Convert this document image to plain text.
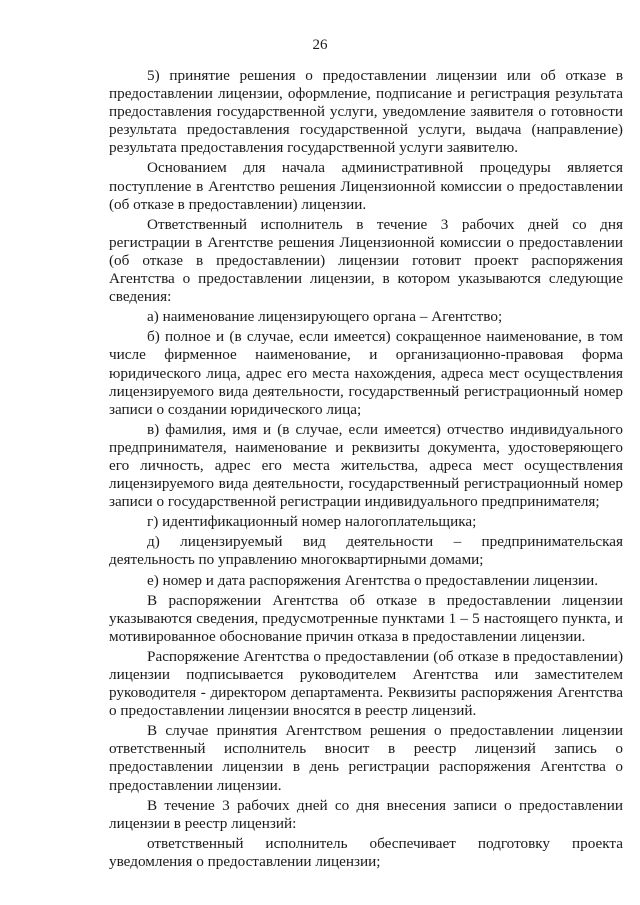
26

5) принятие решения о предоставлении лицензии или об отказе в предоставлении лицензии, оформление, подписание и регистрация результата предоставления государственной услуги, уведомление заявителя о готовности результата предоставления государственной услуги, выдача (направление) результата предоставления государственной услуги заявителю.

Основанием для начала административной процедуры является поступление в Агентство решения Лицензионной комиссии о предоставлении (об отказе в предоставлении) лицензии.

Ответственный исполнитель в течение 3 рабочих дней со дня регистрации в Агентстве решения Лицензионной комиссии о предоставлении (об отказе в предоставлении) лицензии готовит проект распоряжения Агентства о предоставлении лицензии, в котором указываются следующие сведения:

а) наименование лицензирующего органа – Агентство;

б) полное и (в случае, если имеется) сокращенное наименование, в том числе фирменное наименование, и организационно-правовая форма юридического лица, адрес его места нахождения, адреса мест осуществления лицензируемого вида деятельности, государственный регистрационный номер записи о создании юридического лица;

в) фамилия, имя и (в случае, если имеется) отчество индивидуального предпринимателя, наименование и реквизиты документа, удостоверяющего его личность, адрес его места жительства, адреса мест осуществления лицензируемого вида деятельности, государственный регистрационный номер записи о государственной регистрации индивидуального предпринимателя;

г) идентификационный номер налогоплательщика;

д) лицензируемый вид деятельности – предпринимательская деятельность по управлению многоквартирными домами;

е) номер и дата распоряжения Агентства о предоставлении лицензии.

В распоряжении Агентства об отказе в предоставлении лицензии указываются сведения, предусмотренные пунктами 1 – 5 настоящего пункта, и мотивированное обоснование причин отказа в предоставлении лицензии.

Распоряжение Агентства о предоставлении (об отказе в предоставлении) лицензии подписывается руководителем Агентства или заместителем руководителя - директором департамента. Реквизиты распоряжения Агентства о предоставлении лицензии вносятся в реестр лицензий.

В случае принятия Агентством решения о предоставлении лицензии ответственный исполнитель вносит в реестр лицензий запись о предоставлении лицензии в день регистрации распоряжения Агентства о предоставлении лицензии.

В течение 3 рабочих дней со дня внесения записи о предоставлении лицензии в реестр лицензий:

ответственный исполнитель обеспечивает подготовку проекта уведомления о предоставлении лицензии;
